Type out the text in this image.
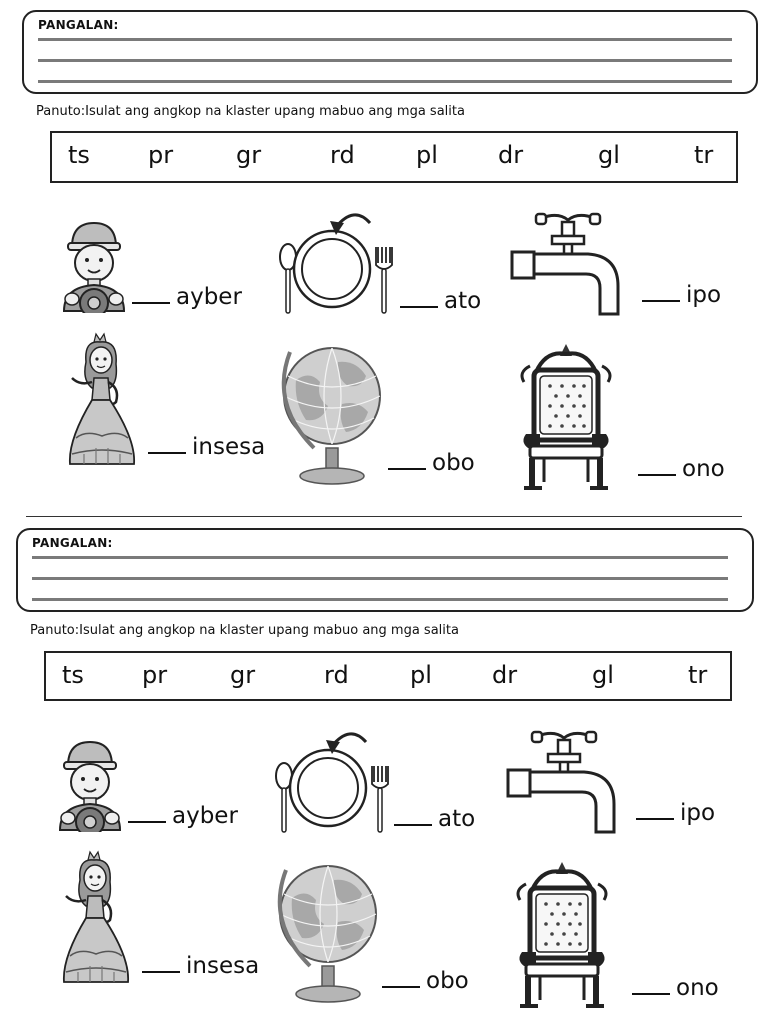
PANGALAN:
Panuto:Isulat ang angkop na klaster upang mabuo ang mga salita
ts pr	gr	rd	pl	dr	gl	tr
ayber	ato	ipo
insesa
obo	ono
PANGALAN:
Panuto:Isulat ang angkop na klaster upang mabuo ang mga salita
ts pr	gr	rd	pl	dr	gl	tr
ayber	ato	ipo
insesa
obo	ono
